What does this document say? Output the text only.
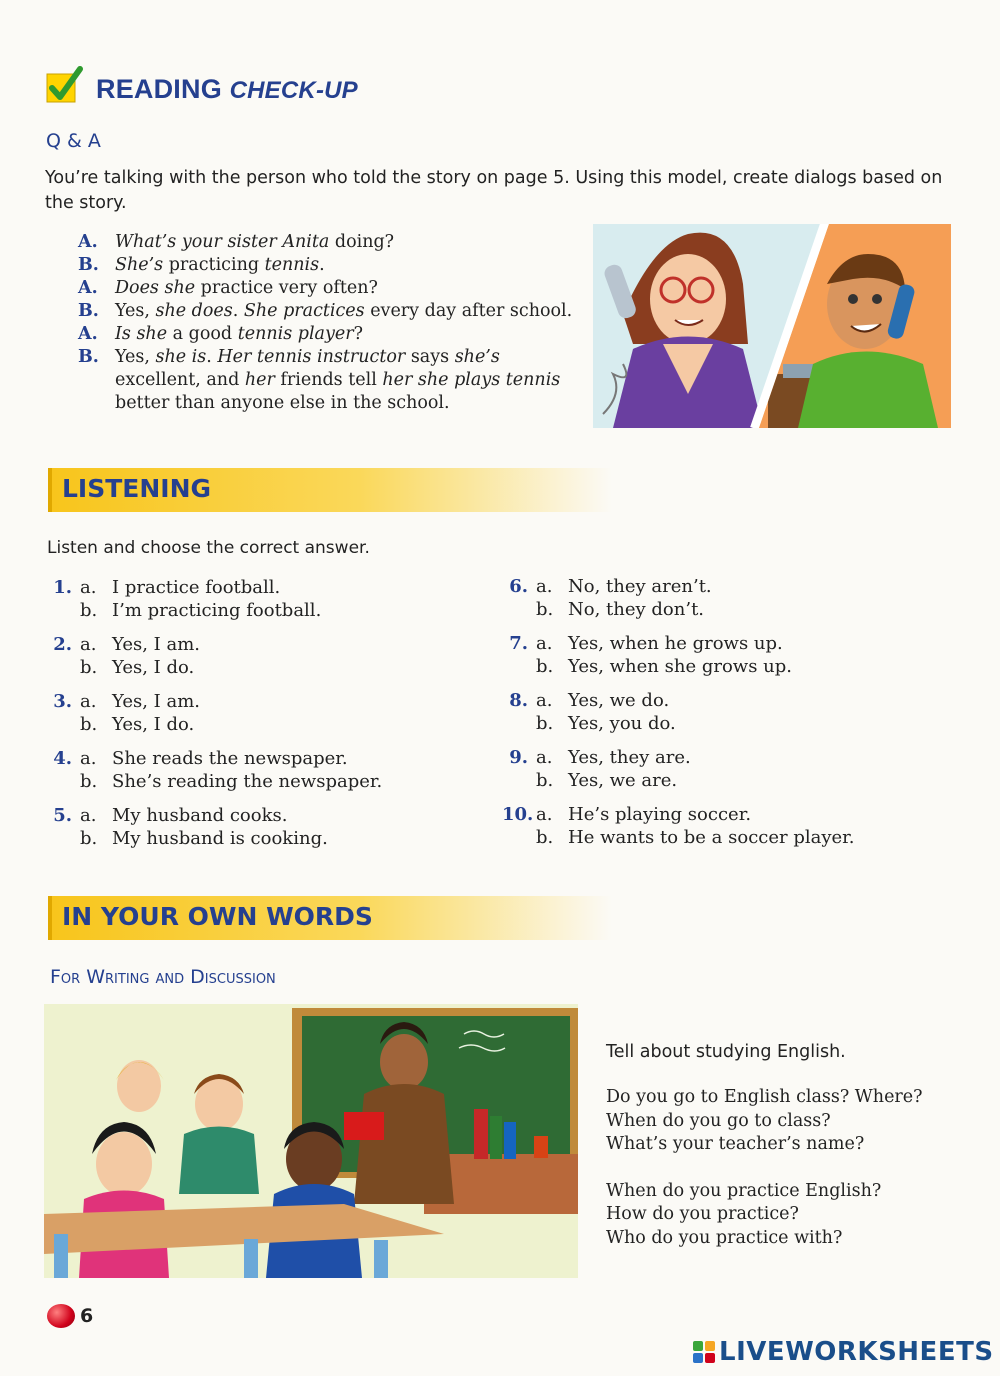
READING CHECK-UP
Q & A
You’re talking with the person who told the story on page 5. Using this model, create dialogs based on the story.
A. What’s your sister Anita doing?
B. She’s practicing tennis.
A. Does she practice very often?
B. Yes, she does. She practices every day after school.
A. Is she a good tennis player?
B. Yes, she is. Her tennis instructor says she’s excellent, and her friends tell her she plays tennis better than anyone else in the school.
LISTENING
Listen and choose the correct answer.
1. a. I practice football.
b. I’m practicing football.
2. a. Yes, I am.
b. Yes, I do.
3. a. Yes, I am.
b. Yes, I do.
4. a. She reads the newspaper.
b. She’s reading the newspaper.
5. a. My husband cooks.
b. My husband is cooking.
6. a. No, they aren’t.
b. No, they don’t.
7. a. Yes, when he grows up.
b. Yes, when she grows up.
8. a. Yes, we do.
b. Yes, you do.
9. a. Yes, they are.
b. Yes, we are.
10. a. He’s playing soccer.
b. He wants to be a soccer player.
IN YOUR OWN WORDS
For Writing and Discussion
Tell about studying English.
Do you go to English class? Where?
When do you go to class?
What’s your teacher’s name?
When do you practice English?
How do you practice?
Who do you practice with?
6
LIVEWORKSHEETS
